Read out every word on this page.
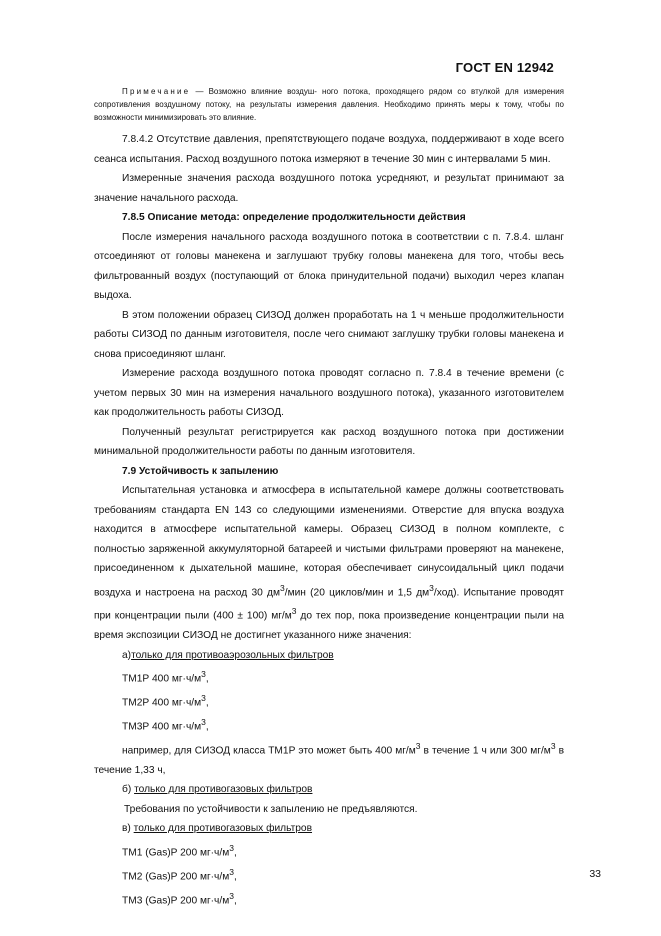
ГОСТ EN 12942
Примечание — Возможно влияние воздуш- ного потока, проходящего рядом со втулкой для измерения сопротивления воздушному потоку, на результаты измерения давления. Необходимо принять меры к тому, чтобы по возможности минимизировать это влияние.

7.8.4.2 Отсутствие давления, препятствующего подаче воздуха, поддерживают в ходе всего сеанса испытания. Расход воздушного потока измеряют в течение 30 мин с интервалами 5 мин.

Измеренные значения расхода воздушного потока усредняют, и результат принимают за значение начального расхода.

7.8.5 Описание метода: определение продолжительности действия

После измерения начального расхода воздушного потока в соответствии с п. 7.8.4. шланг отсоединяют от головы манекена и заглушают трубку головы манекена для того, чтобы весь фильтрованный воздух (поступающий от блока принудительной подачи) выходил через клапан выдоха.

В этом положении образец СИЗОД должен проработать на 1 ч меньше продолжительности работы СИЗОД по данным изготовителя, после чего снимают заглушку трубки головы манекена и снова присоединяют шланг.

Измерение расхода воздушного потока проводят согласно п. 7.8.4 в течение времени (с учетом первых 30 мин на измерения начального воздушного потока), указанного изготовителем как продолжительность работы СИЗОД.

Полученный результат регистрируется как расход воздушного потока при достижении минимальной продолжительности работы по данным изготовителя.

7.9 Устойчивость к запылению

Испытательная установка и атмосфера в испытательной камере должны соответствовать требованиям стандарта EN 143 со следующими изменениями. Отверстие для впуска воздуха находится в атмосфере испытательной камеры. Образец СИЗОД в полном комплекте, с полностью заряженной аккумуляторной батареей и чистыми фильтрами проверяют на манекене, присоединенном к дыхательной машине, которая обеспечивает синусоидальный цикл подачи воздуха и настроена на расход 30 $дм^3$/мин (20 циклов/мин и 1,5 $дм^3/ход$). Испытание проводят при концентрации пыли (400 ± 100) $мг/м^3$ до тех пор, пока произведение концентрации пыли на время экспозиции СИЗОД не достигнет указанного ниже значения:

а)только для противоаэрозольных фильтров

ТМ1Р 400 $мг\cdot ч/м^3$,

ТМ2Р 400 $мг\cdot ч/м^3$,

ТМ3Р 400 $мг\cdot ч/м^3$,

например, для СИЗОД класса ТМ1Р это может быть 400 $мг/м^3$ в течение 1 ч или 300 $мг/м^3$ в течение 1,33 ч,

б) только для противогазовых фильтров

Требования по устойчивости к запылению не предъявляются.

в) только для противогазовых фильтров

ТМ1 (Gas)P 200 $мг\cdot ч/м^3$,

ТМ2 (Gas)P 200 $мг\cdot ч/м^3$,

ТМ3 (Gas)P 200 $мг\cdot ч/м^3$,

33
